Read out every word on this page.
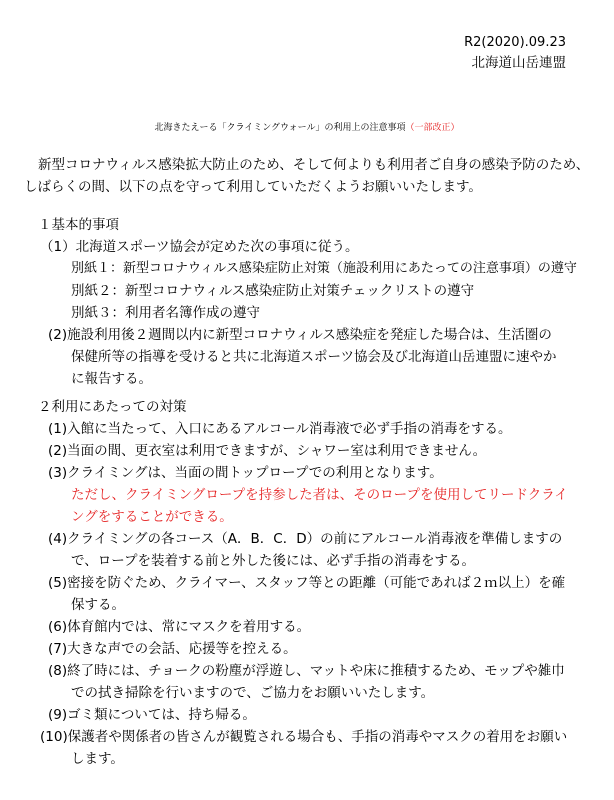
R2(2020).09.23
北海道山岳連盟
北海きたえーる「クライミングウォール」の利用上の注意事項（一部改正）
新型コロナウィルス感染拡大防止のため、そして何よりも利用者ご自身の感染予防のため、
しばらくの間、以下の点を守って利用していただくようお願いいたします。
１基本的事項
（1）北海道スポーツ協会が定めた次の事項に従う。
別紙１：新型コロナウィルス感染症防止対策（施設利用にあたっての注意事項）の遵守
別紙２：新型コロナウィルス感染症防止対策チェックリストの遵守
別紙３：利用者名簿作成の遵守
(2)施設利用後２週間以内に新型コロナウィルス感染症を発症した場合は、生活圏の
保健所等の指導を受けると共に北海道スポーツ協会及び北海道山岳連盟に速やか
に報告する。
２利用にあたっての対策
(1)入館に当たって、入口にあるアルコール消毒液で必ず手指の消毒をする。
(2)当面の間、更衣室は利用できますが、シャワー室は利用できません。
(3)クライミングは、当面の間トップロープでの利用となります。
ただし、クライミングロープを持参した者は、そのロープを使用してリードクライ
ングをすることができる。
(4)クライミングの各コース（A．B．C．D）の前にアルコール消毒液を準備しますの
で、ロープを装着する前と外した後には、必ず手指の消毒をする。
(5)密接を防ぐため、クライマー、スタッフ等との距離（可能であれば２ｍ以上）を確
保する。
(6)体育館内では、常にマスクを着用する。
(7)大きな声での会話、応援等を控える。
(8)終了時には、チョークの粉塵が浮遊し、マットや床に推積するため、モップや雑巾
での拭き掃除を行いますので、ご協力をお願いいたします。
(9)ゴミ類については、持ち帰る。
(10)保護者や関係者の皆さんが観覧される場合も、手指の消毒やマスクの着用をお願い
します。
